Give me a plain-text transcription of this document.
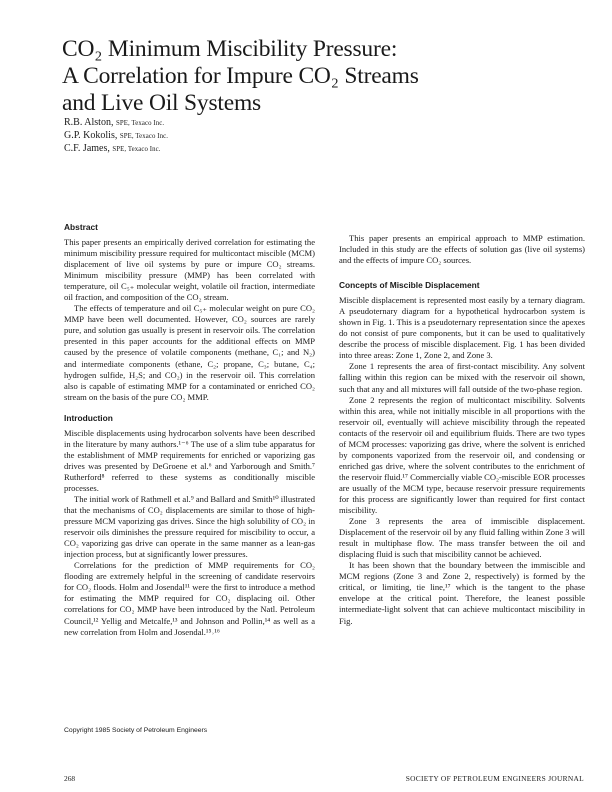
CO₂ Minimum Miscibility Pressure:
A Correlation for Impure CO₂ Streams
and Live Oil Systems
R.B. Alston, SPE, Texaco Inc.
G.P. Kokolis, SPE, Texaco Inc.
C.F. James, SPE, Texaco Inc.
Abstract

This paper presents an empirically derived correlation for estimating the minimum miscibility pressure required for multicontact miscible (MCM) displacement of live oil systems by pure or impure CO₂ streams. Minimum miscibility pressure (MMP) has been correlated with temperature, oil C₅₊ molecular weight, volatile oil fraction, intermediate oil fraction, and composition of the CO₂ stream.

The effects of temperature and oil C₅₊ molecular weight on pure CO₂ MMP have been well documented. However, CO₂ sources are rarely pure, and solution gas usually is present in reservoir oils. The correlation presented in this paper accounts for the additional effects on MMP caused by the presence of volatile components (methane, C₁; and N₂) and intermediate components (ethane, C₂; propane, C₃; butane, C₄; hydrogen sulfide, H₂S; and CO₂) in the reservoir oil. This correlation also is capable of estimating MMP for a contaminated or enriched CO₂ stream on the basis of the pure CO₂ MMP.

Introduction

Miscible displacements using hydrocarbon solvents have been described in the literature by many authors.¹⁻⁶ The use of a slim tube apparatus for the establishment of MMP requirements for enriched or vaporizing gas drives was presented by DeGroene et al.⁶ and Yarborough and Smith.⁷ Rutherford⁸ referred to these systems as conditionally miscible processes.

The initial work of Rathmell et al.⁹ and Ballard and Smith¹⁰ illustrated that the mechanisms of CO₂ displacements are similar to those of high-pressure MCM vaporizing gas drives. Since the high solubility of CO₂ in reservoir oils diminishes the pressure required for miscibility to occur, a CO₂ vaporizing gas drive can operate in the same manner as a lean-gas injection process, but at significantly lower pressures.

Correlations for the prediction of MMP requirements for CO₂ flooding are extremely helpful in the screening of candidate reservoirs for CO₂ floods. Holm and Josendal¹¹ were the first to introduce a method for estimating the MMP required for CO₂ displacing oil. Other correlations for CO₂ MMP have been introduced by the Natl. Petroleum Council,¹² Yellig and Metcalfe,¹³ and Johnson and Pollin,¹⁴ as well as a new correlation from Holm and Josendal.¹⁵˒¹⁶

This paper presents an empirical approach to MMP estimation. Included in this study are the effects of solution gas (live oil systems) and the effects of impure CO₂ sources.

Concepts of Miscible Displacement

Miscible displacement is represented most easily by a ternary diagram. A pseudoternary diagram for a hypothetical hydrocarbon system is shown in Fig. 1. This is a pseudoternary representation since the apexes do not consist of pure components, but it can be used to qualitatively describe the process of miscible displacement. Fig. 1 has been divided into three areas: Zone 1, Zone 2, and Zone 3.

Zone 1 represents the area of first-contact miscibility. Any solvent falling within this region can be mixed with the reservoir oil shown, such that any and all mixtures will fall outside of the two-phase region.

Zone 2 represents the region of multicontact miscibility. Solvents within this area, while not initially miscible in all proportions with the reservoir oil, eventually will achieve miscibility through the repeated contacts of the reservoir oil and equilibrium fluids. There are two types of MCM processes: vaporizing gas drive, where the solvent is enriched by components vaporized from the reservoir oil, and condensing or enriched gas drive, where the solvent contributes to the enrichment of the reservoir fluid.¹⁷ Commercially viable CO₂-miscible EOR processes are usually of the MCM type, because reservoir pressure requirements for this process are significantly lower than required for first contact miscibility.

Zone 3 represents the area of immiscible displacement. Displacement of the reservoir oil by any fluid falling within Zone 3 will result in multiphase flow. The mass transfer between the oil and displacing fluid is such that miscibility cannot be achieved.

It has been shown that the boundary between the immiscible and MCM regions (Zone 3 and Zone 2, respectively) is formed by the critical, or limiting, tie line,¹⁷ which is the tangent to the phase envelope at the critical point. Therefore, the leanest possible intermediate-light solvent that can achieve multicontact miscibility in Fig.

Copyright 1985 Society of Petroleum Engineers
268	SOCIETY OF PETROLEUM ENGINEERS JOURNAL
